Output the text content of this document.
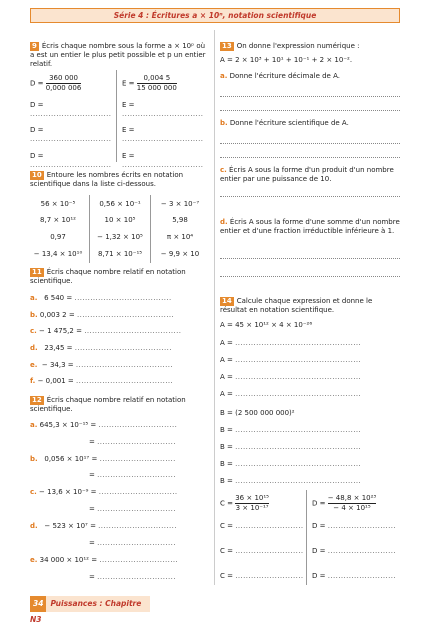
Série 4 : Écritures a × 10ⁿ, notation scientifique
9 Écris chaque nombre sous la forme a × 10ᵖ où a est un entier le plus petit possible et p un entier relatif.
$D = \frac{360 000}{0,000 006}$	$E = \frac{0,004 5}{15 000 000}$
D = ...............................
E = ...............................
D = ...............................
E = ...............................
D = ...............................
E = ...............................
10 Entoure les nombres écrits en notation scientifique dans la liste ci-dessous.
56 × 10⁻⁵	0,56 × 10⁻¹	− 3 × 10⁻⁷
8,7 × 10¹²	10 × 10⁵	5,98
0,97	− 1,32 × 10⁵	π × 10⁴
− 13,4 × 10¹⁰	8,71 × 10⁻¹⁵	− 9,9 × 10
11 Écris chaque nombre relatif en notation scientifique.
a. 6 540 = .....................................
b. 0,003 2 = .....................................
c. − 1 475,2 = .....................................
d. 23,45 = .....................................
e. − 34,3 = .....................................
f. − 0,001 = .....................................
12 Écris chaque nombre relatif en notation scientifique.
a. 645,3 × 10⁻¹⁵ = ..............................
= ..............................
b. 0,056 × 10¹⁷ = .............................
= ..............................
c. − 13,6 × 10⁻⁹ = ..............................
= ..............................
d. − 523 × 10⁷ = ..............................
= ..............................
e. 34 000 × 10¹² = ..............................
= ..............................
13 On donne l'expression numérique :
A = 2 × 10³ + 10¹ + 10⁻¹ + 2 × 10⁻².
a. Donne l'écriture décimale de A.
b. Donne l'écriture scientifique de A.
c. Écris A sous la forme d'un produit d'un nombre entier par une puissance de 10.
d. Écris A sous la forme d'une somme d'un nombre entier et d'une fraction irréductible inférieure à 1.
14 Calcule chaque expression et donne le résultat en notation scientifique.
A = 45 × 10¹² × 4 × 10⁻²⁶
A = ................................................
A = ................................................
A = ................................................
A = ................................................
B = (2 500 000 000)²
B = ................................................
B = ................................................
B = ................................................
B = ................................................
$C = \frac{\text{36 × 10¹⁵}}{\text{3 × 10⁻¹⁷}}$	$D = \frac{\text{− 48,8 × 10²³}}{\text{− 4 × 10¹⁵}}$
C = .......................... D = ..........................
C = .......................... D = ..........................
C = .......................... D = ..........................
34 Puissances : Chapitre N3
